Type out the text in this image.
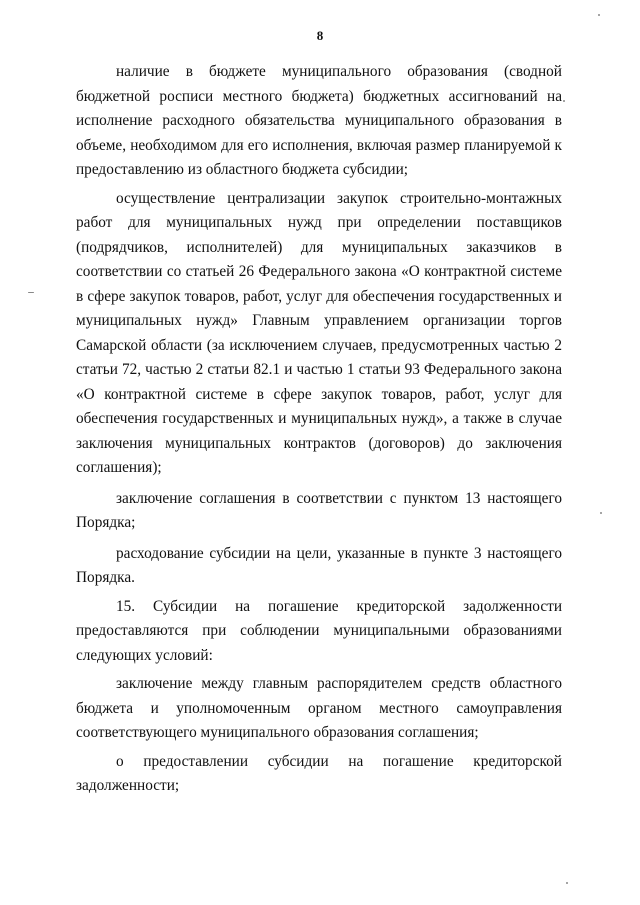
8

наличие в бюджете муниципального образования (сводной бюджетной росписи местного бюджета) бюджетных ассигнований на исполнение расходного обязательства муниципального образования в объеме, необходимом для его исполнения, включая размер планируемой к предоставлению из областного бюджета субсидии;

осуществление централизации закупок строительно-монтажных работ для муниципальных нужд при определении поставщиков (подрядчиков, исполнителей) для муниципальных заказчиков в соответствии со статьей 26 Федерального закона «О контрактной системе в сфере закупок товаров, работ, услуг для обеспечения государственных и муниципальных нужд» Главным управлением организации торгов Самарской области (за исключением случаев, предусмотренных частью 2 статьи 72, частью 2 статьи 82.1 и частью 1 статьи 93 Федерального закона «О контрактной системе в сфере закупок товаров, работ, услуг для обеспечения государственных и муниципальных нужд», а также в случае заключения муниципальных контрактов (договоров) до заключения соглашения);

заключение соглашения в соответствии с пунктом 13 настоящего Порядка;

расходование субсидии на цели, указанные в пункте 3 настоящего Порядка.

15. Субсидии на погашение кредиторской задолженности предоставляются при соблюдении муниципальными образованиями следующих условий:

заключение между главным распорядителем средств областного бюджета и уполномоченным органом местного самоуправления соответствующего муниципального образования соглашения;

о предоставлении субсидии на погашение кредиторской задолженности;
